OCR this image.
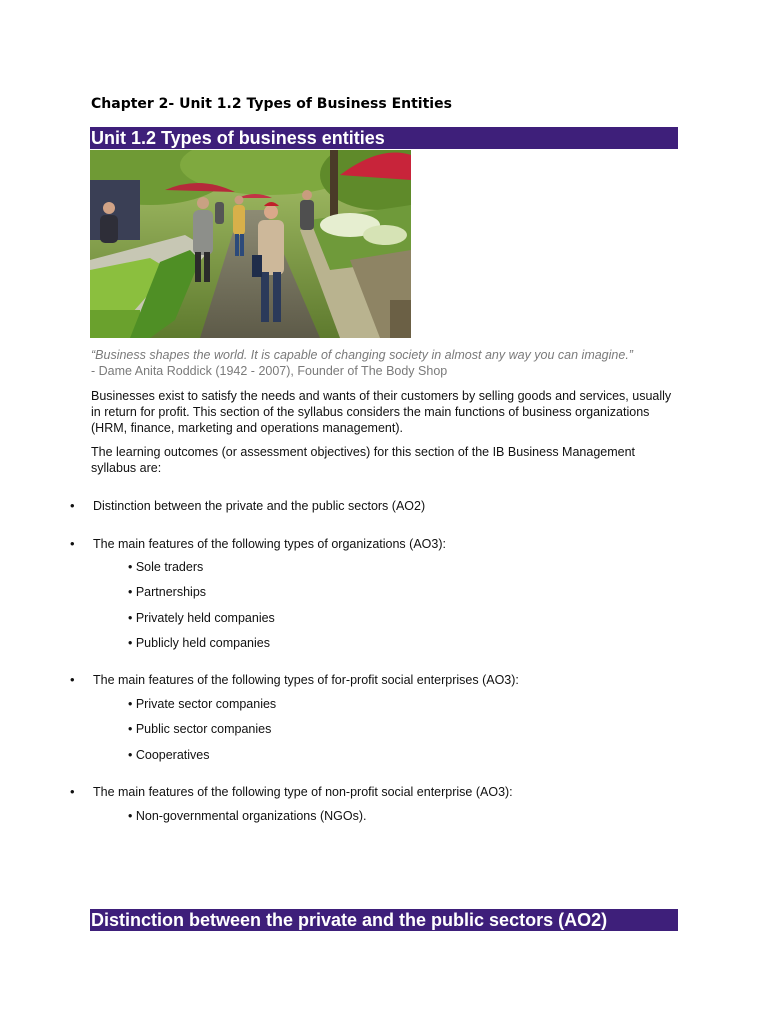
Chapter 2- Unit 1.2 Types of Business Entities
Unit 1.2 Types of business entities
“Business shapes the world. It is capable of changing society in almost any way you can imagine.”
- Dame Anita Roddick (1942 - 2007), Founder of The Body Shop
Businesses exist to satisfy the needs and wants of their customers by selling goods and services, usually in return for profit. This section of the syllabus considers the main functions of business organizations (HRM, finance, marketing and operations management).
The learning outcomes (or assessment objectives) for this section of the IB Business Management syllabus are:
• Distinction between the private and the public sectors (AO2)
• The main features of the following types of organizations (AO3):
• Sole traders
• Partnerships
• Privately held companies
• Publicly held companies
• The main features of the following types of for-profit social enterprises (AO3):
• Private sector companies
• Public sector companies
• Cooperatives
• The main features of the following type of non-profit social enterprise (AO3):
• Non-governmental organizations (NGOs).
Distinction between the private and the public sectors (AO2)
